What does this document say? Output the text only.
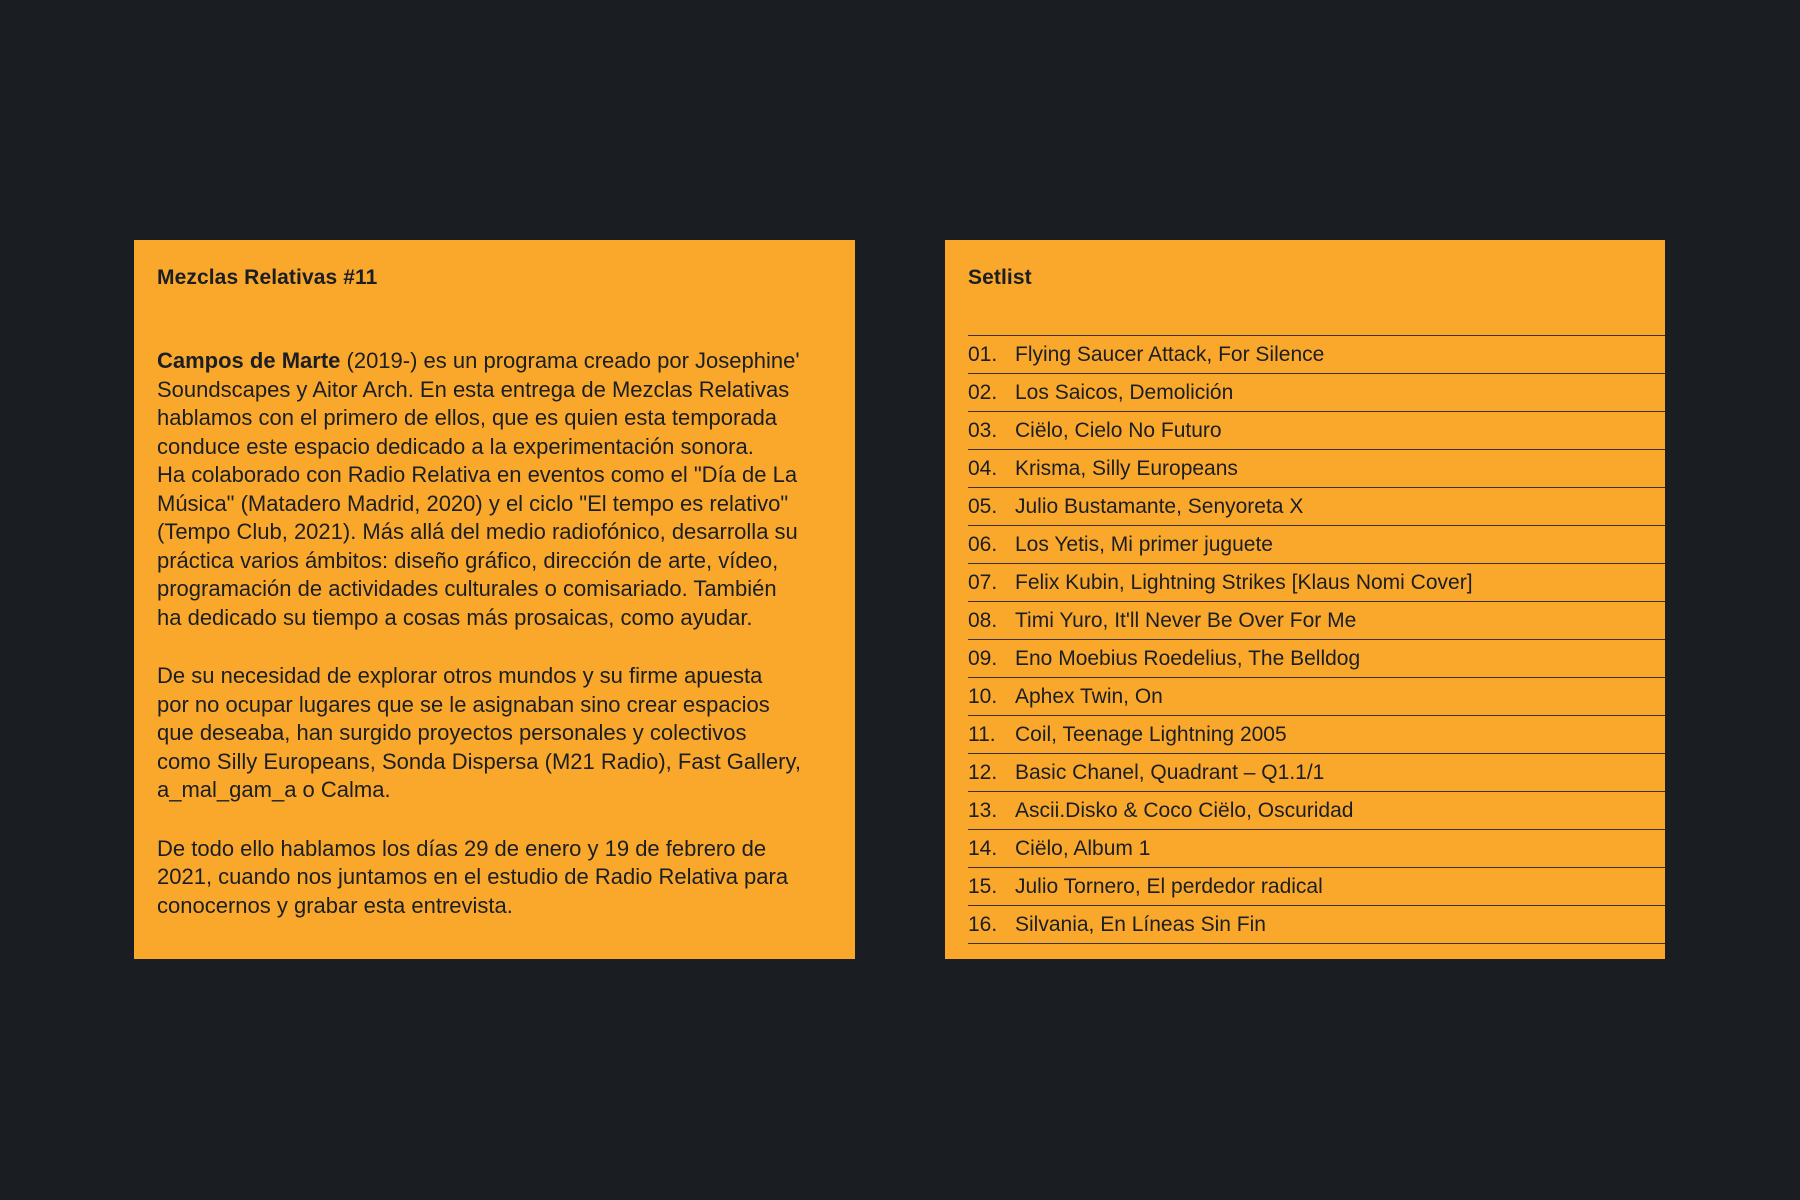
Mezclas Relativas #11
Campos de Marte (2019-) es un programa creado por Josephine'
Soundscapes y Aitor Arch. En esta entrega de Mezclas Relativas
hablamos con el primero de ellos, que es quien esta temporada
conduce este espacio dedicado a la experimentación sonora.
Ha colaborado con Radio Relativa en eventos como el "Día de La
Música" (Matadero Madrid, 2020) y el ciclo "El tempo es relativo"
(Tempo Club, 2021). Más allá del medio radiofónico, desarrolla su
práctica varios ámbitos: diseño gráfico, dirección de arte, vídeo,
programación de actividades culturales o comisariado. También
ha dedicado su tiempo a cosas más prosaicas, como ayudar.
De su necesidad de explorar otros mundos y su firme apuesta
por no ocupar lugares que se le asignaban sino crear espacios
que deseaba, han surgido proyectos personales y colectivos
como Silly Europeans, Sonda Dispersa (M21 Radio), Fast Gallery,
a_mal_gam_a o Calma.
De todo ello hablamos los días 29 de enero y 19 de febrero de
2021, cuando nos juntamos en el estudio de Radio Relativa para
conocernos y grabar esta entrevista.
Setlist
01. Flying Saucer Attack, For Silence
02. Los Saicos, Demolición
03. Ciëlo, Cielo No Futuro
04. Krisma, Silly Europeans
05. Julio Bustamante, Senyoreta X
06. Los Yetis, Mi primer juguete
07. Felix Kubin, Lightning Strikes [Klaus Nomi Cover]
08. Timi Yuro, It'll Never Be Over For Me
09. Eno Moebius Roedelius, The Belldog
10. Aphex Twin, On
11. Coil, Teenage Lightning 2005
12. Basic Chanel, Quadrant – Q1.1/1
13. Ascii.Disko & Coco Ciëlo, Oscuridad
14. Ciëlo, Album 1
15. Julio Tornero, El perdedor radical
16. Silvania, En Líneas Sin Fin
